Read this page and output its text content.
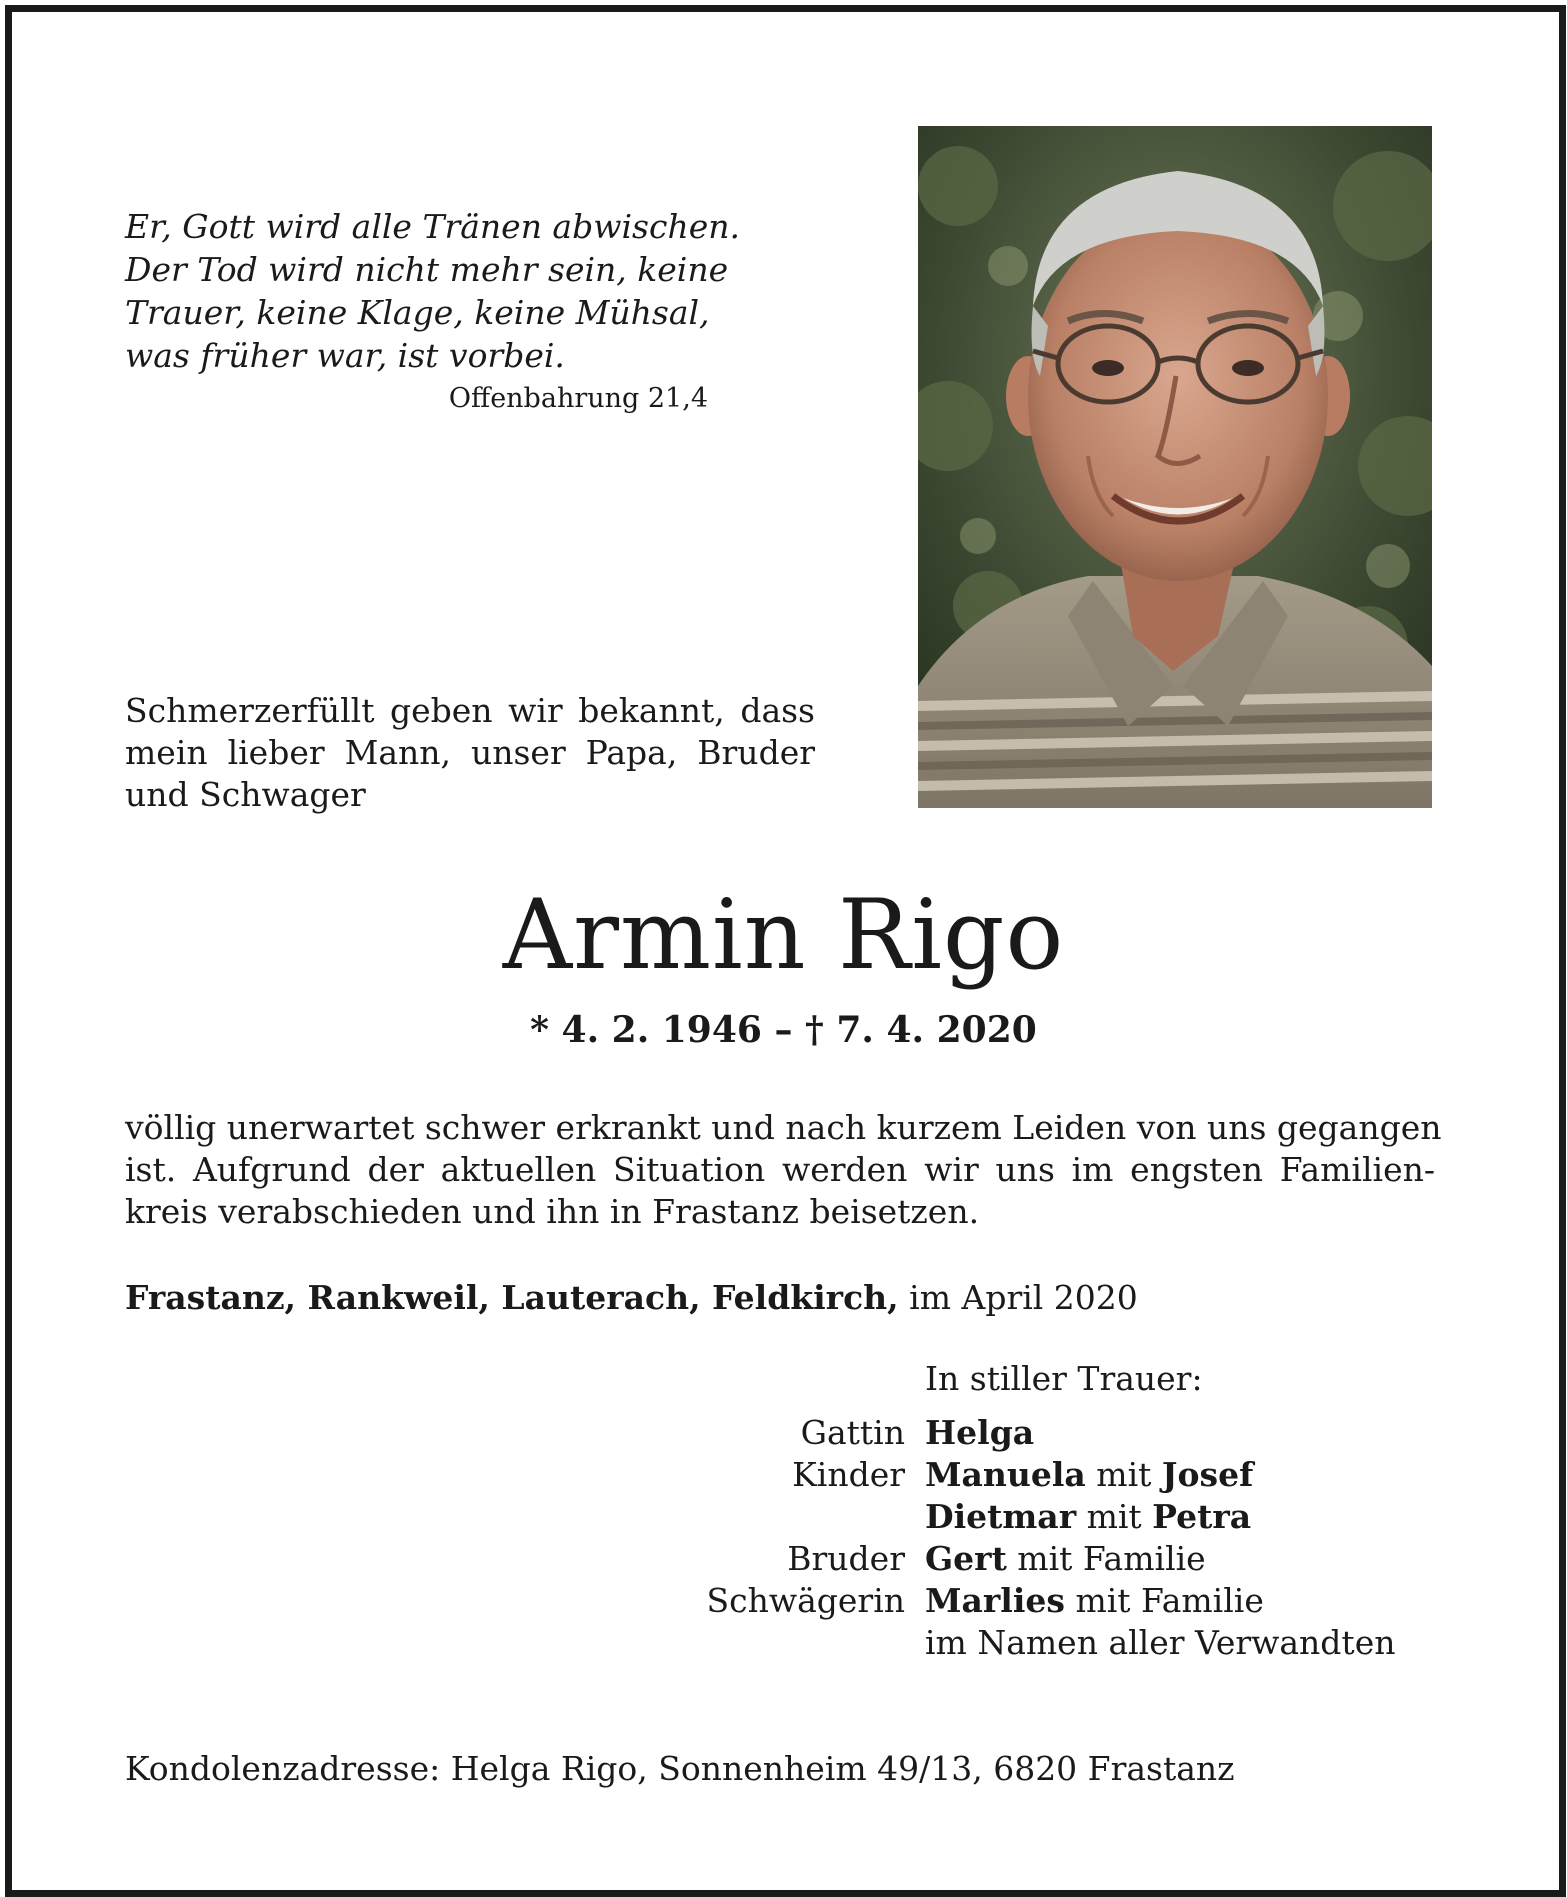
Er, Gott wird alle Tränen abwischen.
Der Tod wird nicht mehr sein, keine
Trauer, keine Klage, keine Mühsal,
was früher war, ist vorbei.
Offenbahrung 21,4
Schmerzerfüllt geben wir bekannt, dass
mein lieber Mann, unser Papa, Bruder
und Schwager
Armin Rigo
* 4. 2. 1946 – † 7. 4. 2020
völlig unerwartet schwer erkrankt und nach kurzem Leiden von uns gegangen
ist. Aufgrund der aktuellen Situation werden wir uns im engsten Familien-
kreis verabschieden und ihn in Frastanz beisetzen.
Frastanz, Rankweil, Lauterach, Feldkirch, im April 2020
In stiller Trauer:
Gattin Helga
Kinder Manuela mit Josef
Dietmar mit Petra
Bruder Gert mit Familie
Schwägerin Marlies mit Familie
im Namen aller Verwandten
Kondolenzadresse: Helga Rigo, Sonnenheim 49/13, 6820 Frastanz
